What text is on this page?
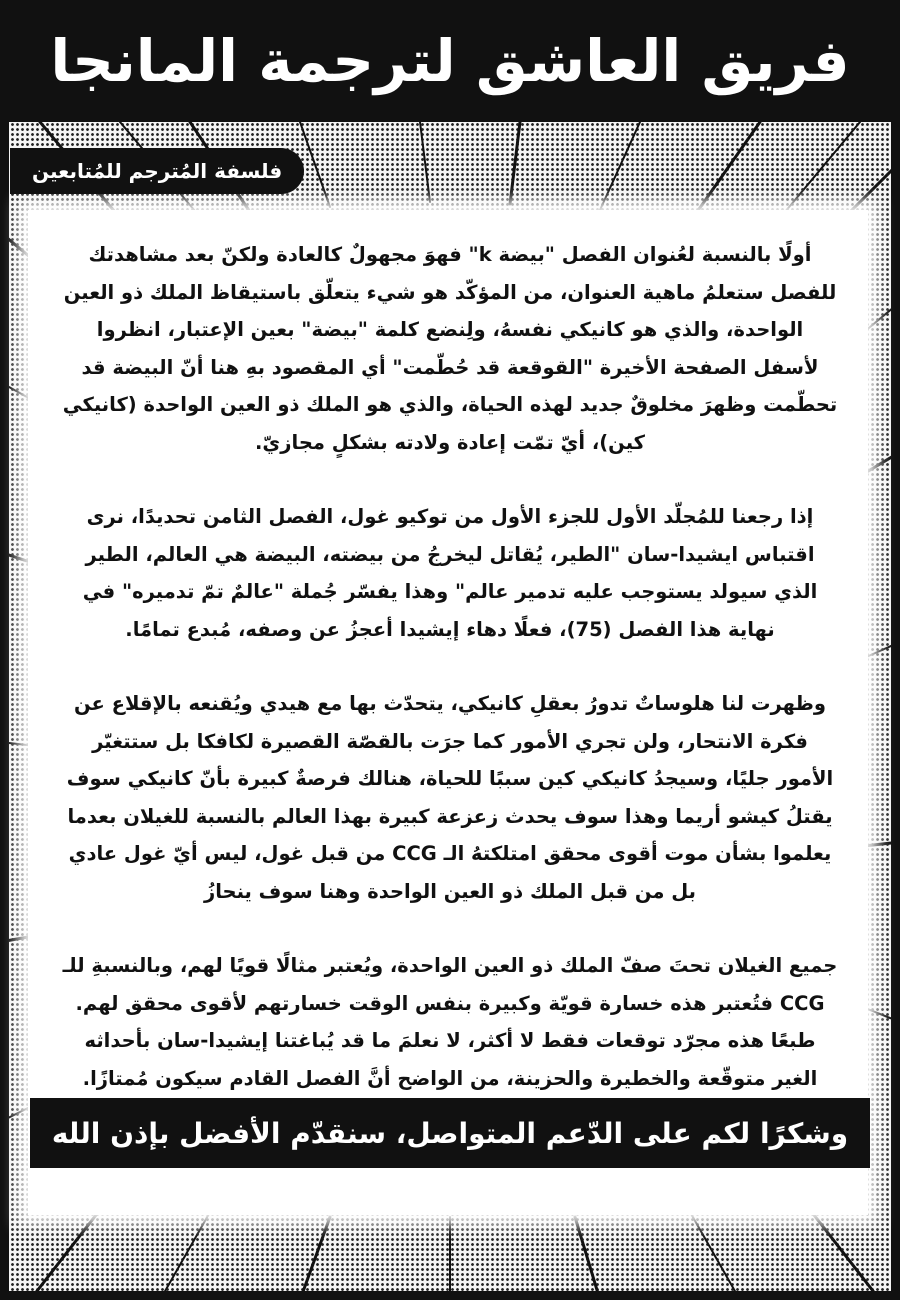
فريق العاشق لترجمة المانجا
فلسفة المُترجم للمُتابعين

أولًا بالنسبة لعُنوان الفصل "بيضة k" فهوَ مجهولٌ كالعادة ولكنّ بعد مشاهدتك للفصل ستعلمُ ماهية العنوان، من المؤكّد هو شيء يتعلّق باستيقاظ الملك ذو العين الواحدة، والذي هو كانيكي نفسهُ، ولِنضع كلمة "بيضة" بعين الإعتبار، انظروا لأسفل الصفحة الأخيرة "القوقعة قد حُطّمت" أي المقصود بهِ هنا أنّ البيضة قد تحطّمت وظهرَ مخلوقٌ جديد لهذه الحياة، والذي هو الملك ذو العين الواحدة (كانيكي كين)، أيّ تمّت إعادة ولادته بشكلٍ مجازيّ.

إذا رجعنا للمُجلّد الأول للجزء الأول من توكيو غول، الفصل الثامن تحديدًا، نرى اقتباس ايشيدا-سان "الطير، يُقاتل ليخرجُ من بيضته، البيضة هي العالم، الطير الذي سيولد يستوجب عليه تدمير عالم" وهذا يفسّر جُملة "عالمٌ تمّ تدميره" في نهاية هذا الفصل (75)، فعلًا دهاء إيشيدا أعجزُ عن وصفه، مُبدع تمامًا.

وظهرت لنا هلوساتٌ تدورُ بعقلِ كانيكي، يتحدّث بها مع هيدي ويُقنعه بالإقلاع عن فكرة الانتحار، ولن تجري الأمور كما جرَت بالقصّة القصيرة لكافكا بل ستتغيّر الأمور جليًا، وسيجدُ كانيكي كين سببًا للحياة، هنالك فرصةٌ كبيرة بأنّ كانيكي سوف يقتلُ كيشو أريما وهذا سوف يحدث زعزعة كبيرة بهذا العالم بالنسبة للغيلان بعدما يعلموا بشأن موت أقوى محقق امتلكتهُ الـ CCG من قبل غول، ليس أيّ غول عادي بل من قبل الملك ذو العين الواحدة وهنا سوف ينحازُ

جميع الغيلان تحتَ صفّ الملك ذو العين الواحدة، ويُعتبر مثالًا قويًا لهم، وبالنسبةِ للـ CCG فتُعتبر هذه خسارة قويّة وكبيرة بنفس الوقت خسارتهم لأقوى محقق لهم. طبعًا هذه مجرّد توقعات فقط لا أكثر، لا نعلمَ ما قد يُباغتنا إيشيدا-سان بأحداثه الغير متوقّعة والخطيرة والحزينة، من الواضح أنَّ الفصل القادم سيكون مُمتازًا.

وشكرًا لكم على الدّعم المتواصل، سنقدّم الأفضل بإذن الله
